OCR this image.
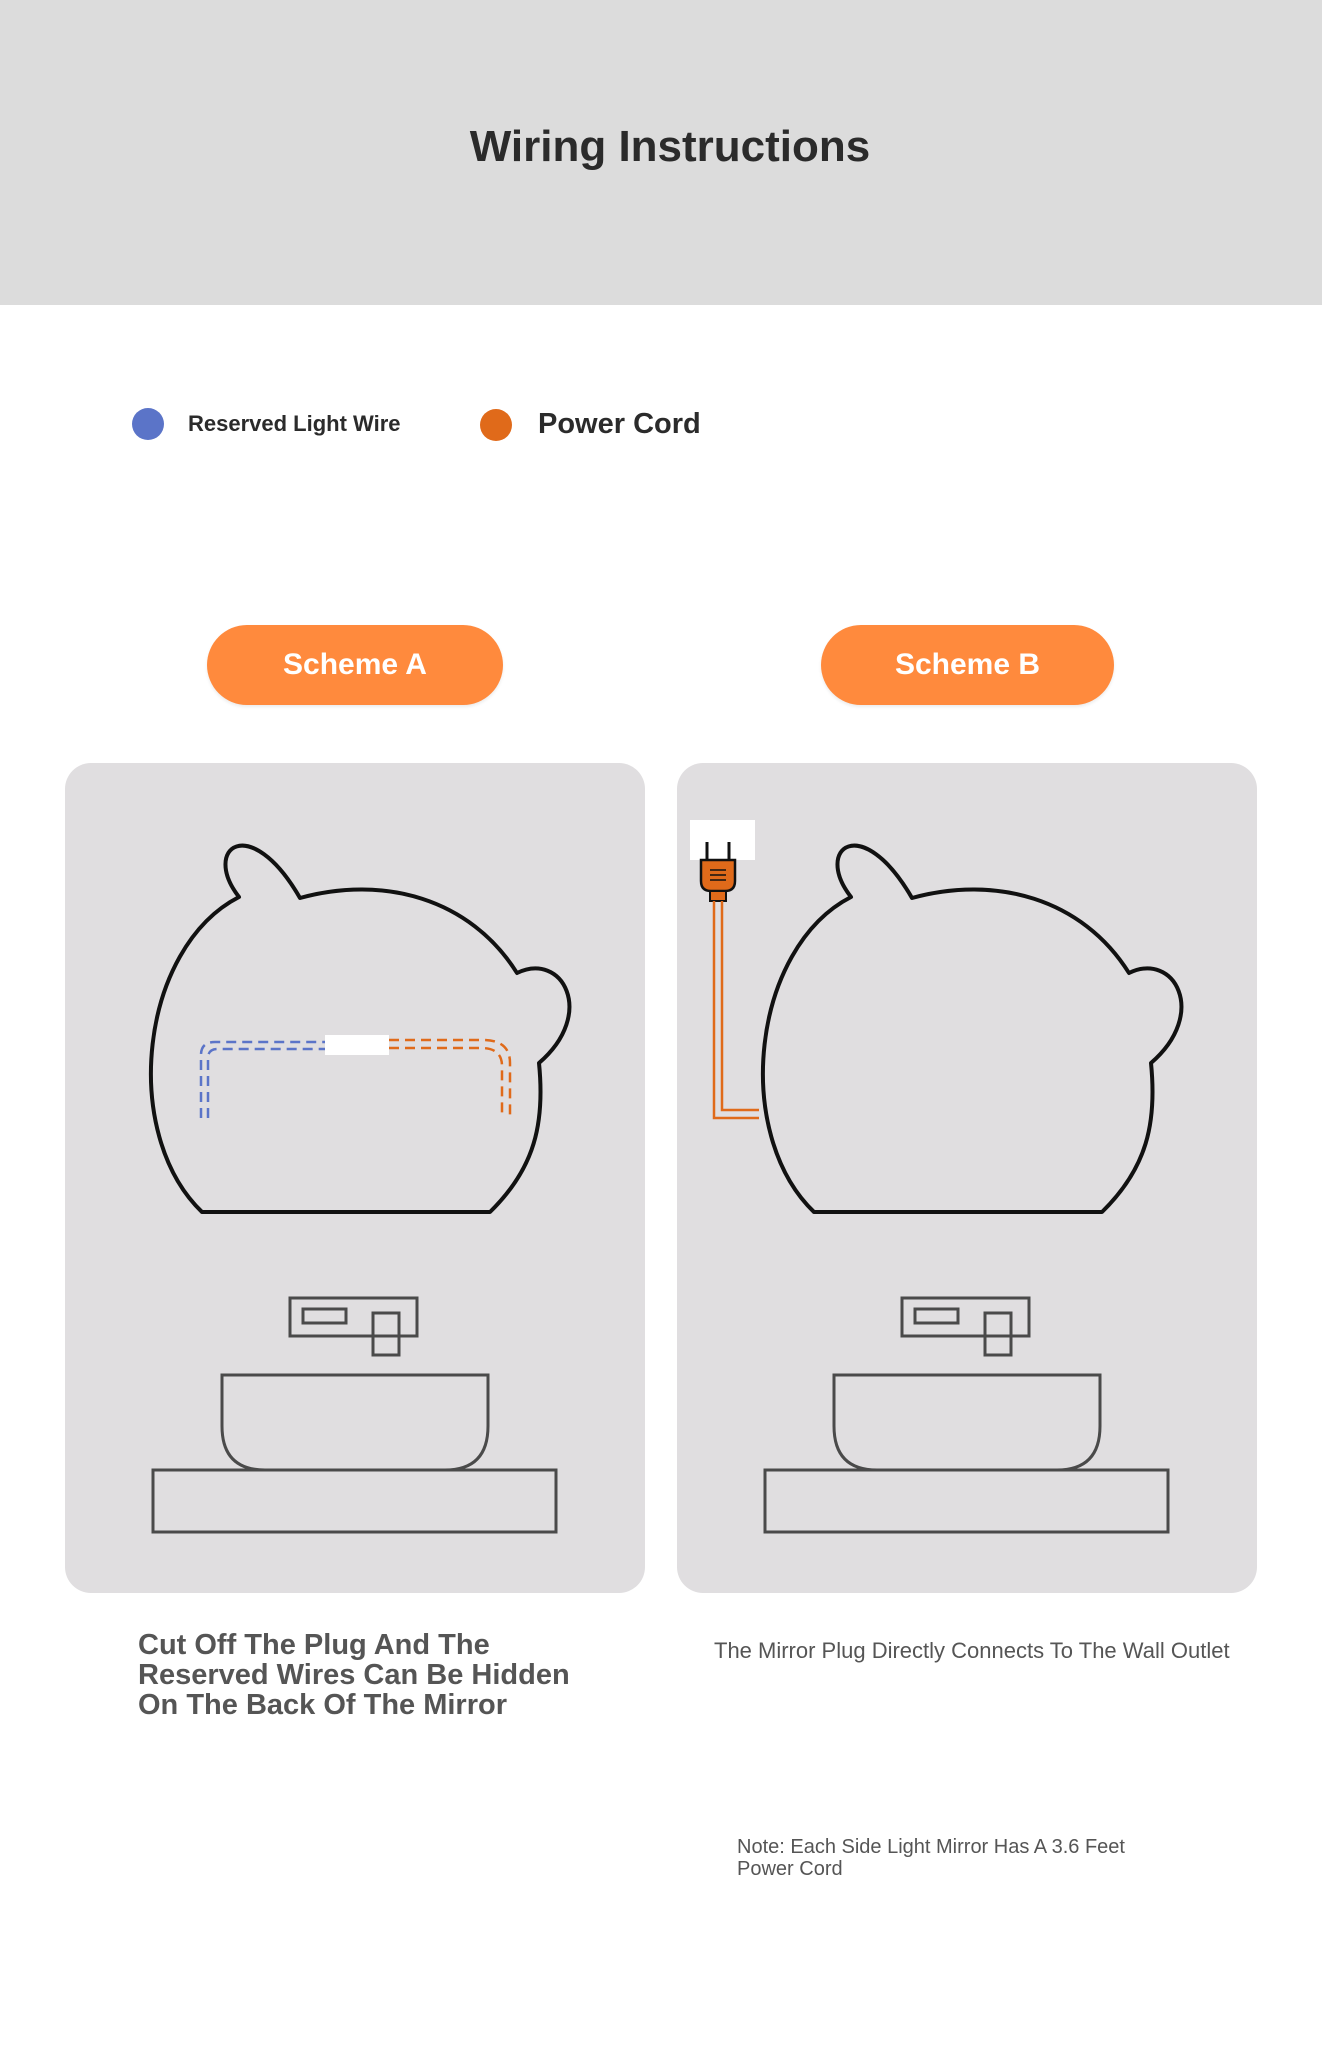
Wiring Instructions
Reserved Light Wire	Power Cord
Scheme A	Scheme B
Cut Off The Plug And The Reserved Wires Can Be Hidden On The Back Of The Mirror
The Mirror Plug Directly Connects To The Wall Outlet
Note: Each Side Light Mirror Has A 3.6 Feet Power Cord
